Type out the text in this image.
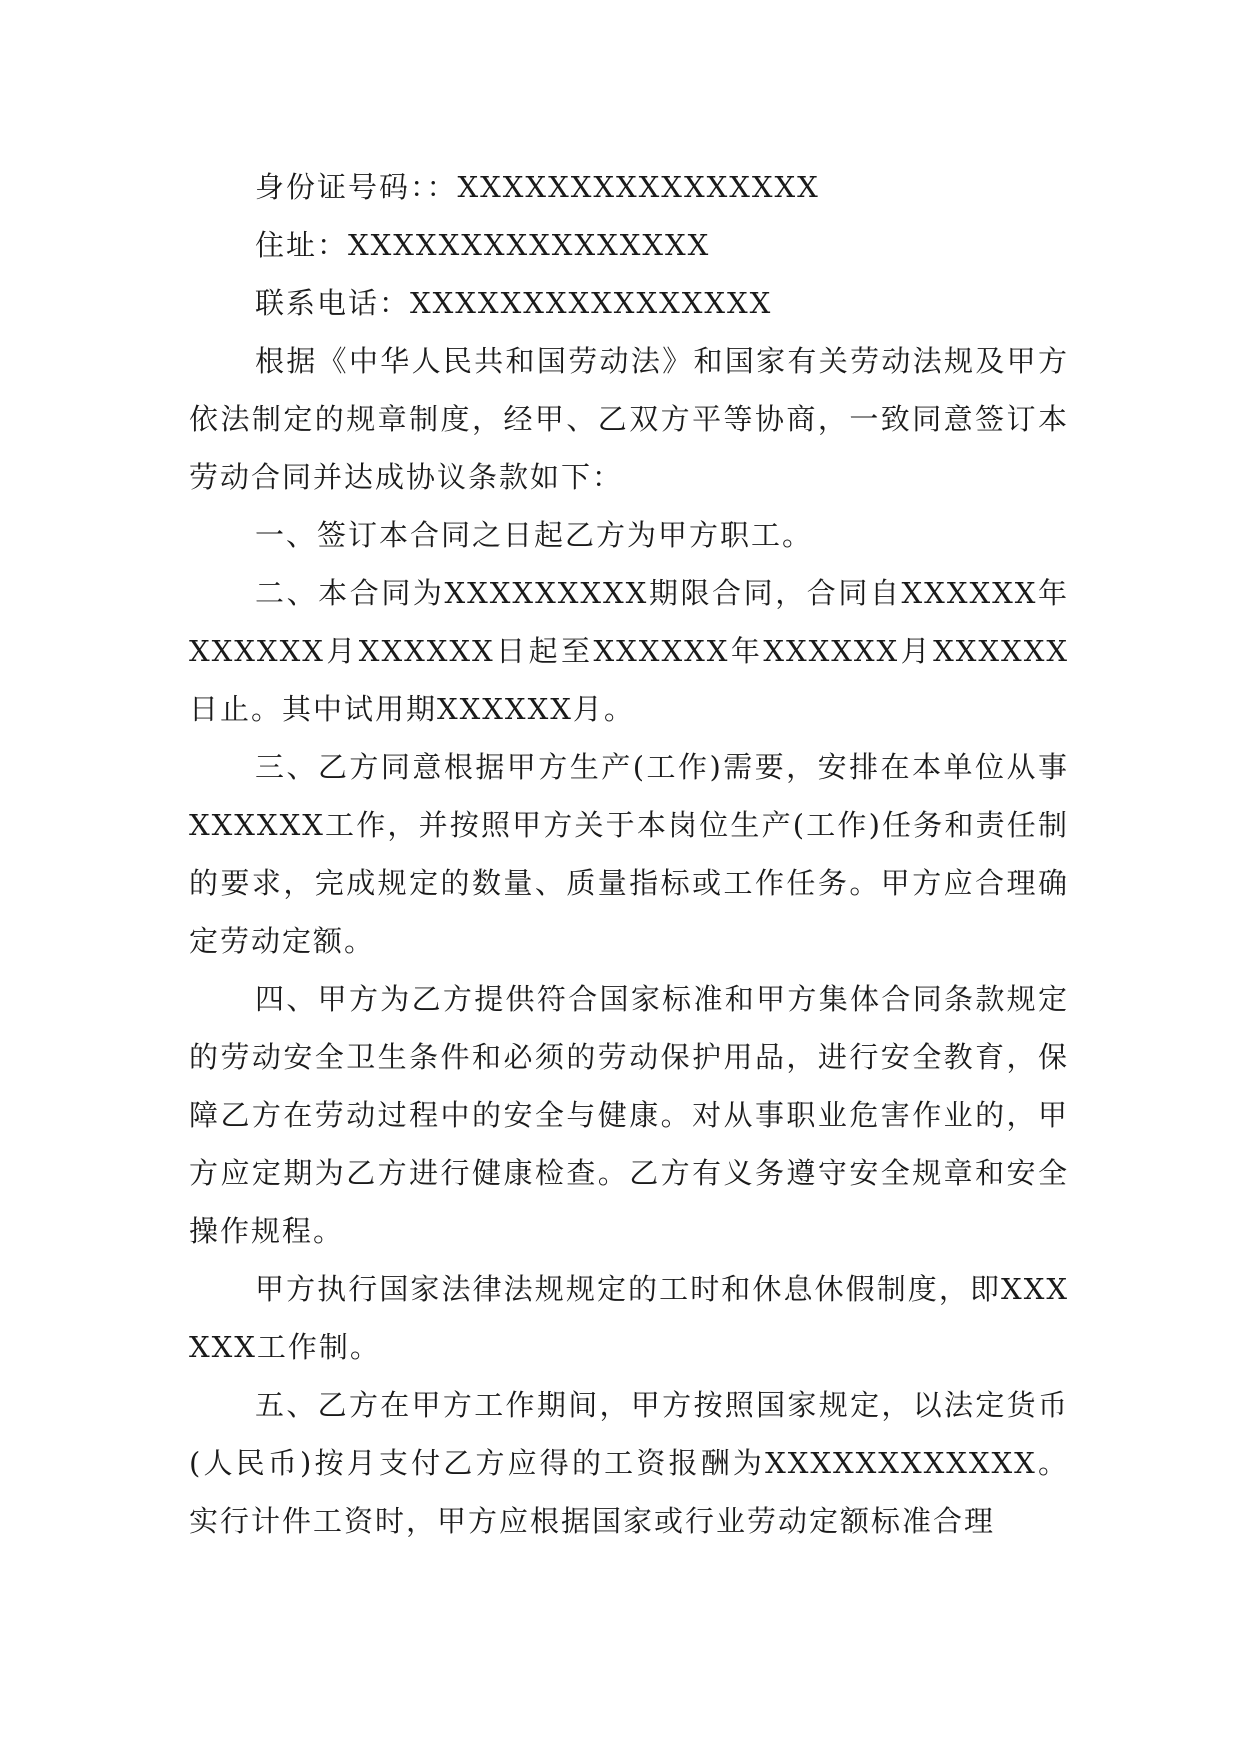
身份证号码：：XXXXXXXXXXXXXXXX

住址：XXXXXXXXXXXXXXXX

联系电话：XXXXXXXXXXXXXXXX

根据《中华人民共和国劳动法》和国家有关劳动法规及甲方依法制定的规章制度，经甲、乙双方平等协商，一致同意签订本劳动合同并达成协议条款如下：

一、签订本合同之日起乙方为甲方职工。

二、本合同为XXXXXXXXX期限合同，合同自XXXXXX年XXXXXX月XXXXXX日起至XXXXXX年XXXXXX月XXXXXX日止。其中试用期XXXXXX月。

三、乙方同意根据甲方生产(工作)需要，安排在本单位从事XXXXXX工作，并按照甲方关于本岗位生产(工作)任务和责任制的要求，完成规定的数量、质量指标或工作任务。甲方应合理确定劳动定额。

四、甲方为乙方提供符合国家标准和甲方集体合同条款规定的劳动安全卫生条件和必须的劳动保护用品，进行安全教育，保障乙方在劳动过程中的安全与健康。对从事职业危害作业的，甲方应定期为乙方进行健康检查。乙方有义务遵守安全规章和安全操作规程。

甲方执行国家法律法规规定的工时和休息休假制度，即XXXXXX工作制。

五、乙方在甲方工作期间，甲方按照国家规定，以法定货币(人民币)按月支付乙方应得的工资报酬为XXXXXXXXXXXX。实行计件工资时，甲方应根据国家或行业劳动定额标准合理
